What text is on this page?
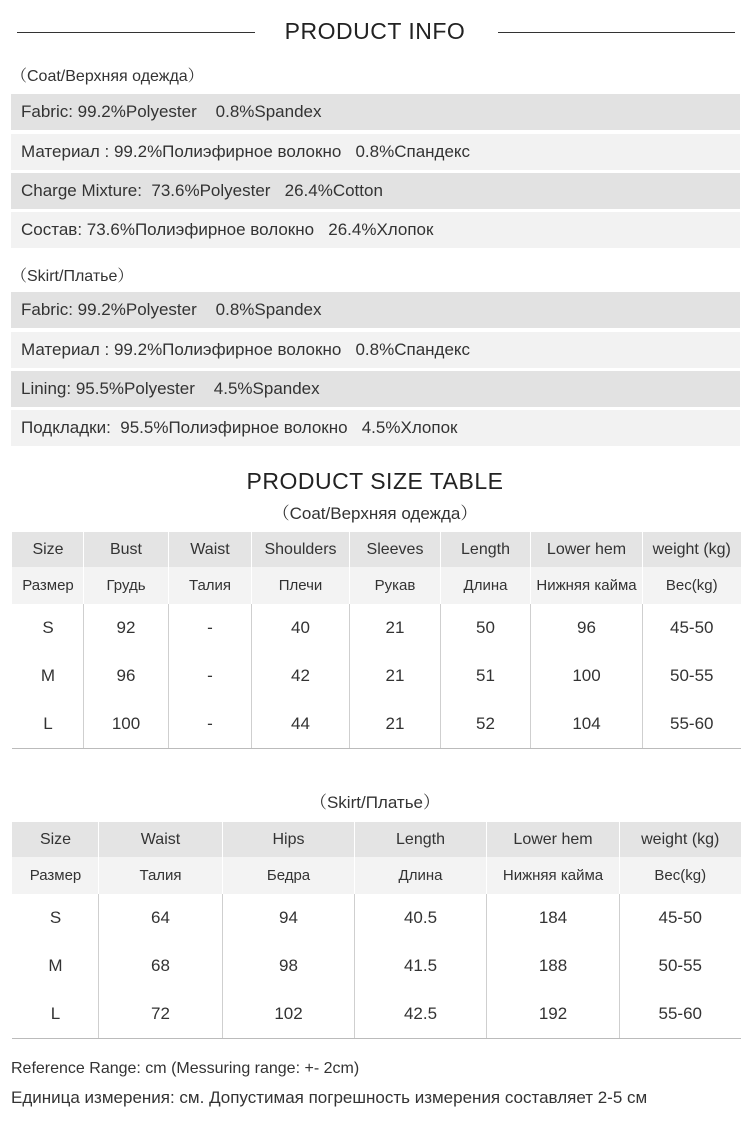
PRODUCT INFO
（Coat/Верхняя одежда）
Fabric: 99.2%Polyester    0.8%Spandex
Материал : 99.2%Полиэфирное волокно   0.8%Спандекс
Charge Mixture:  73.6%Polyester   26.4%Cotton
Состав: 73.6%Полиэфирное волокно   26.4%Хлопок
（Skirt/Платье）
Fabric: 99.2%Polyester    0.8%Spandex
Материал : 99.2%Полиэфирное волокно   0.8%Спандекс
Lining: 95.5%Polyester    4.5%Spandex
Подкладки:  95.5%Полиэфирное волокно   4.5%Хлопок
PRODUCT SIZE TABLE
（Coat/Верхняя одежда）
Size	Bust	Waist	Shoulders	Sleeves	Length	Lower hem	weight (kg)
Размер	Грудь	Талия	Плечи	Рукав	Длина	Нижняя кайма	Вес(kg)
S	92	-	40	21	50	96	45-50
M	96	-	42	21	51	100	50-55
L	100	-	44	21	52	104	55-60
（Skirt/Платье）
Size	Waist	Hips	Length	Lower hem	weight (kg)
Размер	Талия	Бедра	Длина	Нижняя кайма	Вес(kg)
S	64	94	40.5	184	45-50
M	68	98	41.5	188	50-55
L	72	102	42.5	192	55-60
Reference Range: cm (Messuring range: +- 2cm)
Единица измерения: см. Допустимая погрешность измерения составляет 2-5 см
